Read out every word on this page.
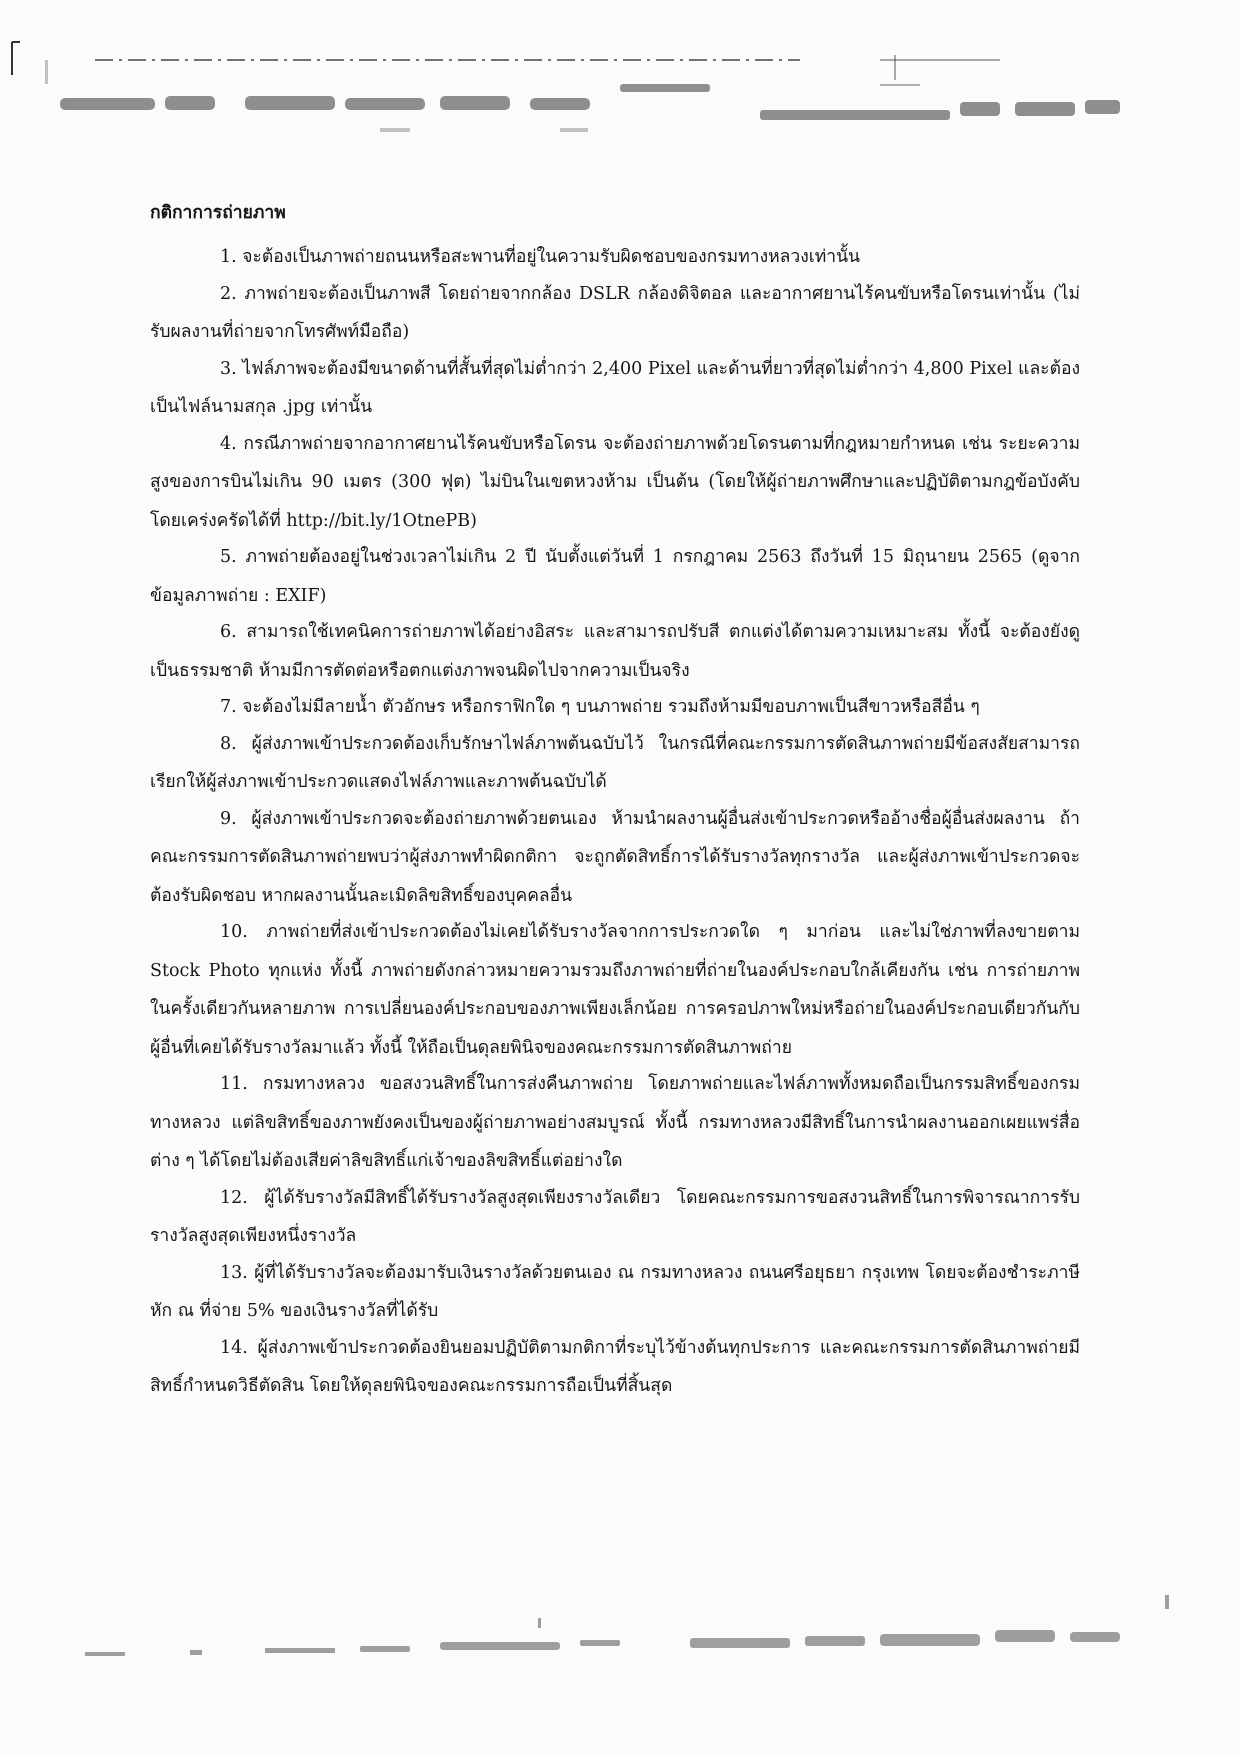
กติกาการถ่ายภาพ
1. จะต้องเป็นภาพถ่ายถนนหรือสะพานที่อยู่ในความรับผิดชอบของกรมทางหลวงเท่านั้น
2. ภาพถ่ายจะต้องเป็นภาพสี โดยถ่ายจากกล้อง DSLR กล้องดิจิตอล และอากาศยานไร้คนขับหรือโดรนเท่านั้น (ไม่รับผลงานที่ถ่ายจากโทรศัพท์มือถือ)
3. ไฟล์ภาพจะต้องมีขนาดด้านที่สั้นที่สุดไม่ต่ำกว่า 2,400 Pixel และด้านที่ยาวที่สุดไม่ต่ำกว่า 4,800 Pixel และต้องเป็นไฟล์นามสกุล .jpg เท่านั้น
4. กรณีภาพถ่ายจากอากาศยานไร้คนขับหรือโดรน จะต้องถ่ายภาพด้วยโดรนตามที่กฎหมายกำหนด เช่น ระยะความสูงของการบินไม่เกิน 90 เมตร (300 ฟุต) ไม่บินในเขตหวงห้าม เป็นต้น (โดยให้ผู้ถ่ายภาพศึกษาและปฏิบัติตามกฎข้อบังคับโดยเคร่งครัดได้ที่ http://bit.ly/1OtnePB)
5. ภาพถ่ายต้องอยู่ในช่วงเวลาไม่เกิน 2 ปี นับตั้งแต่วันที่ 1 กรกฎาคม 2563 ถึงวันที่ 15 มิถุนายน 2565 (ดูจากข้อมูลภาพถ่าย : EXIF)
6. สามารถใช้เทคนิคการถ่ายภาพได้อย่างอิสระ และสามารถปรับสี ตกแต่งได้ตามความเหมาะสม ทั้งนี้ จะต้องยังดูเป็นธรรมชาติ ห้ามมีการตัดต่อหรือตกแต่งภาพจนผิดไปจากความเป็นจริง
7. จะต้องไม่มีลายน้ำ ตัวอักษร หรือกราฟิกใด ๆ บนภาพถ่าย รวมถึงห้ามมีขอบภาพเป็นสีขาวหรือสีอื่น ๆ
8. ผู้ส่งภาพเข้าประกวดต้องเก็บรักษาไฟล์ภาพต้นฉบับไว้ ในกรณีที่คณะกรรมการตัดสินภาพถ่ายมีข้อสงสัยสามารถเรียกให้ผู้ส่งภาพเข้าประกวดแสดงไฟล์ภาพและภาพต้นฉบับได้
9. ผู้ส่งภาพเข้าประกวดจะต้องถ่ายภาพด้วยตนเอง ห้ามนำผลงานผู้อื่นส่งเข้าประกวดหรืออ้างชื่อผู้อื่นส่งผลงาน ถ้าคณะกรรมการตัดสินภาพถ่ายพบว่าผู้ส่งภาพทำผิดกติกา จะถูกตัดสิทธิ์การได้รับรางวัลทุกรางวัล และผู้ส่งภาพเข้าประกวดจะต้องรับผิดชอบ หากผลงานนั้นละเมิดลิขสิทธิ์ของบุคคลอื่น
10. ภาพถ่ายที่ส่งเข้าประกวดต้องไม่เคยได้รับรางวัลจากการประกวดใด ๆ มาก่อน และไม่ใช่ภาพที่ลงขายตาม Stock Photo ทุกแห่ง ทั้งนี้ ภาพถ่ายดังกล่าวหมายความรวมถึงภาพถ่ายที่ถ่ายในองค์ประกอบใกล้เคียงกัน เช่น การถ่ายภาพในครั้งเดียวกันหลายภาพ การเปลี่ยนองค์ประกอบของภาพเพียงเล็กน้อย การครอปภาพใหม่หรือถ่ายในองค์ประกอบเดียวกันกับผู้อื่นที่เคยได้รับรางวัลมาแล้ว ทั้งนี้ ให้ถือเป็นดุลยพินิจของคณะกรรมการตัดสินภาพถ่าย
11. กรมทางหลวง ขอสงวนสิทธิ์ในการส่งคืนภาพถ่าย โดยภาพถ่ายและไฟล์ภาพทั้งหมดถือเป็นกรรมสิทธิ์ของกรมทางหลวง แต่ลิขสิทธิ์ของภาพยังคงเป็นของผู้ถ่ายภาพอย่างสมบูรณ์ ทั้งนี้ กรมทางหลวงมีสิทธิ์ในการนำผลงานออกเผยแพร่สื่อต่าง ๆ ได้โดยไม่ต้องเสียค่าลิขสิทธิ์แก่เจ้าของลิขสิทธิ์แต่อย่างใด
12. ผู้ได้รับรางวัลมีสิทธิ์ได้รับรางวัลสูงสุดเพียงรางวัลเดียว โดยคณะกรรมการขอสงวนสิทธิ์ในการพิจารณาการรับรางวัลสูงสุดเพียงหนึ่งรางวัล
13. ผู้ที่ได้รับรางวัลจะต้องมารับเงินรางวัลด้วยตนเอง ณ กรมทางหลวง ถนนศรีอยุธยา กรุงเทพ โดยจะต้องชำระภาษีหัก ณ ที่จ่าย 5% ของเงินรางวัลที่ได้รับ
14. ผู้ส่งภาพเข้าประกวดต้องยินยอมปฏิบัติตามกติกาที่ระบุไว้ข้างต้นทุกประการ และคณะกรรมการตัดสินภาพถ่ายมีสิทธิ์กำหนดวิธีตัดสิน โดยให้ดุลยพินิจของคณะกรรมการถือเป็นที่สิ้นสุด
